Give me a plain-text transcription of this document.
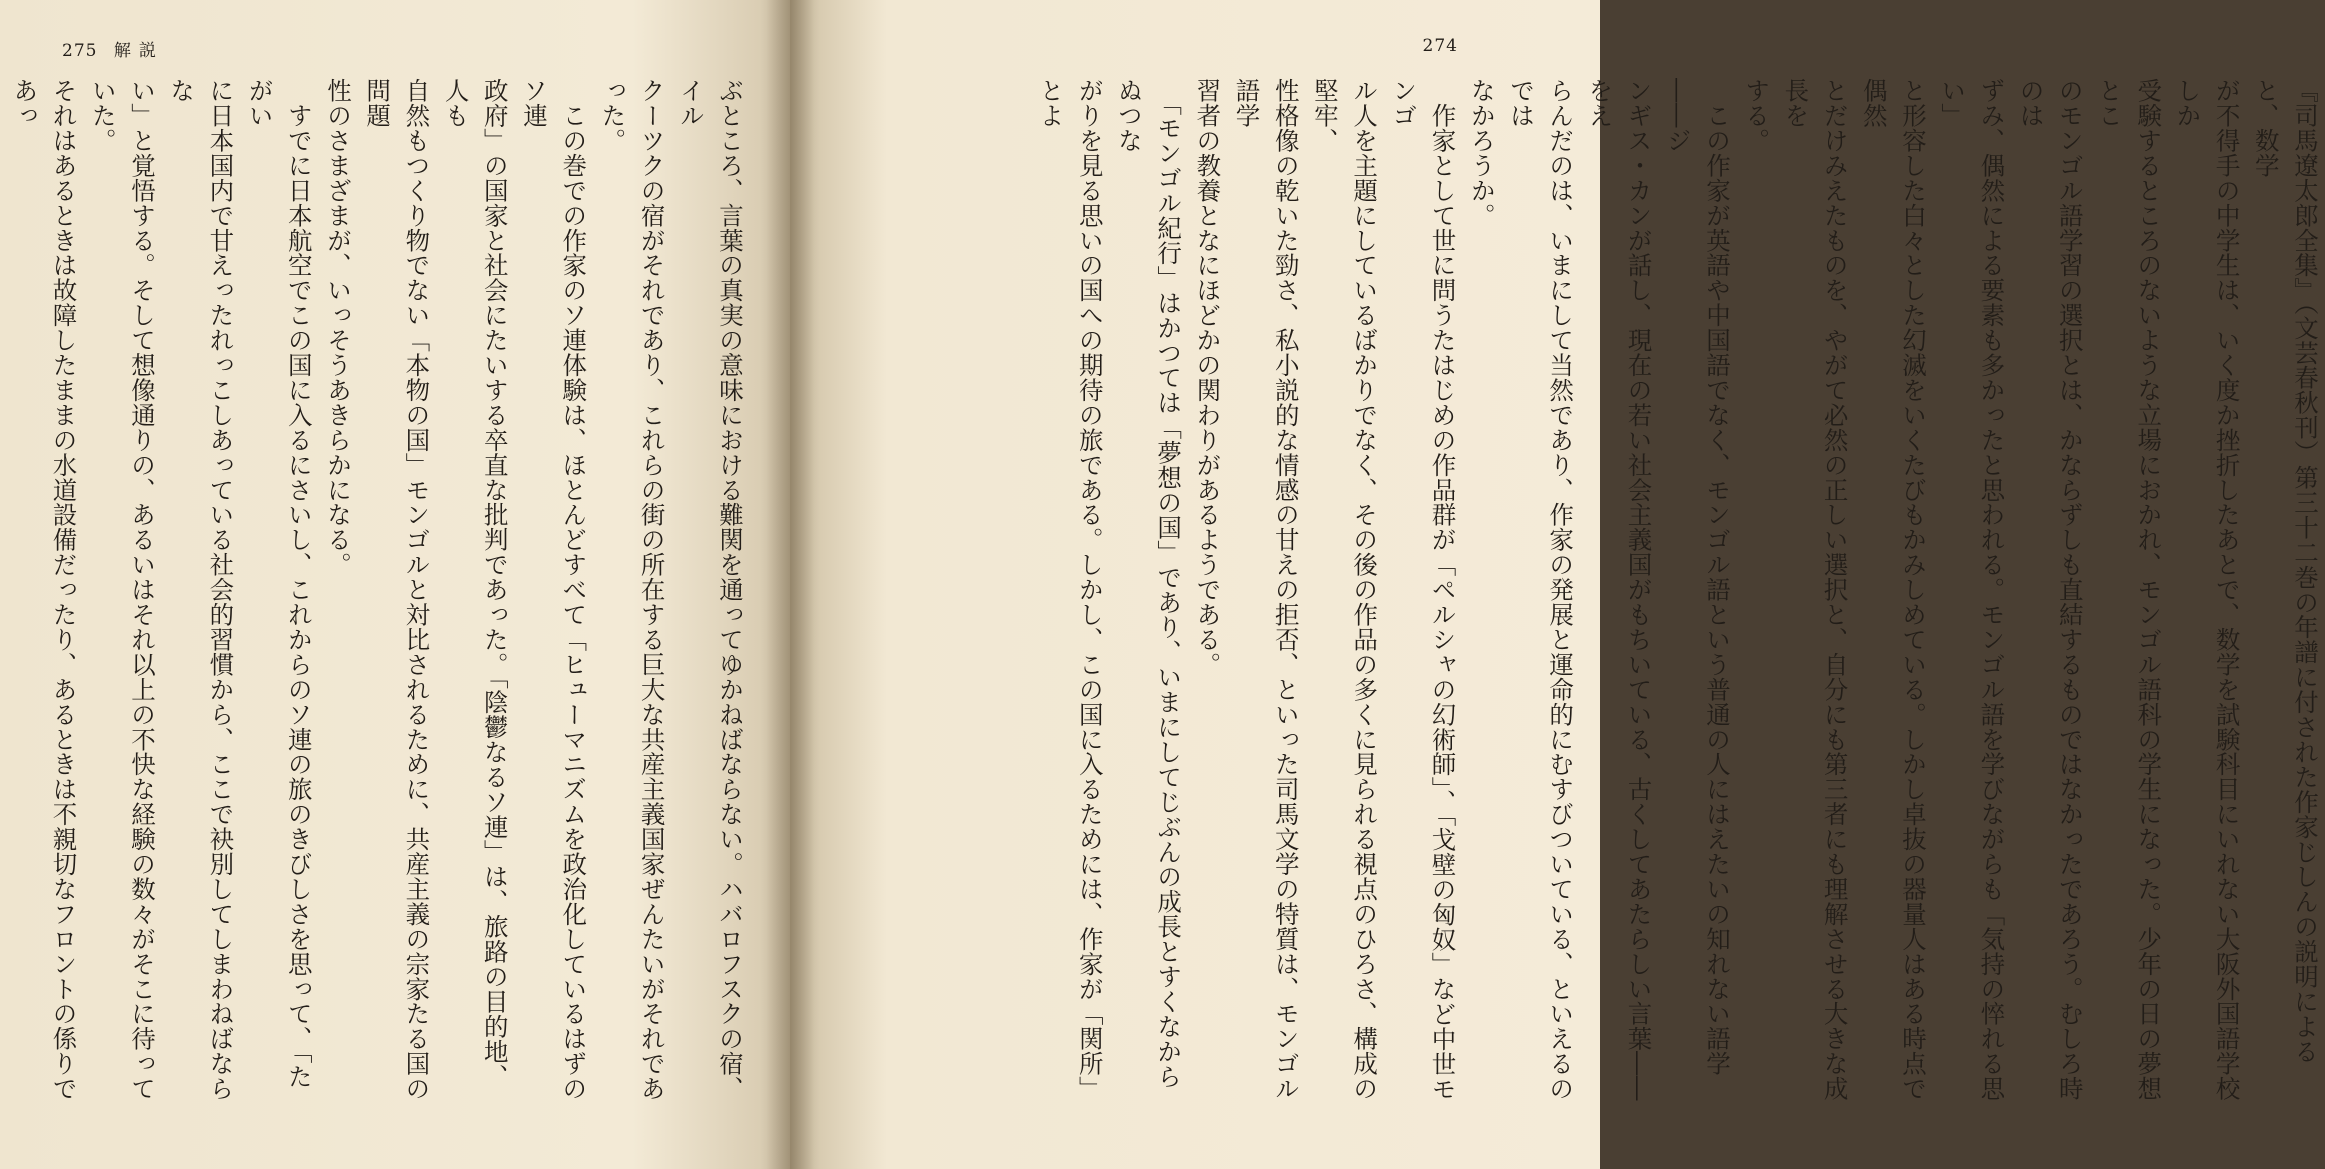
275 解説
ぶところ、言葉の真実の意味における難関を通ってゆかねばならない。ハバロフスクの宿、イル
クーツクの宿がそれであり、これらの街の所在する巨大な共産主義国家ぜんたいがそれであった。
　この巻での作家のソ連体験は、ほとんどすべて「ヒューマニズムを政治化しているはずのソ連
政府」の国家と社会にたいする卒直な批判であった。「陰鬱なるソ連」は、旅路の目的地、人も
自然もつくり物でない「本物の国」モンゴルと対比されるために、共産主義の宗家たる国の問題
性のさまざまが、いっそうあきらかになる。
　すでに日本航空でこの国に入るにさいし、これからのソ連の旅のきびしさを思って、「たがい
に日本国内で甘えったれっこしあっている社会的習慣から、ここで袂別してしまわねばならな
い」と覚悟する。そして想像通りの、あるいはそれ以上の不快な経験の数々がそこに待っていた。
それはあるときは故障したままの水道設備だったり、あるときは不親切なフロントの係りであっ

274
『司馬遼太郎全集』（文芸春秋刊）第三十二巻の年譜に付された作家じしんの説明によると、数学
が不得手の中学生は、いく度か挫折したあとで、数学を試験科目にいれない大阪外国語学校しか
受験するところのないような立場におかれ、モンゴル語科の学生になった。少年の日の夢想とこ
のモンゴル語学習の選択とは、かならずしも直結するものではなかったであろう。むしろ時のは
ずみ、偶然による要素も多かったと思われる。モンゴル語を学びながらも「気持の悴れる思い」
と形容した白々とした幻滅をいくたびもかみしめている。しかし卓抜の器量人はある時点で偶然
とだけみえたものを、やがて必然の正しい選択と、自分にも第三者にも理解させる大きな成長を
する。
　この作家が英語や中国語でなく、モンゴル語という普通の人にはえたいの知れない語学――ジ
ンギス・カンが話し、現在の若い社会主義国がもちいている、古くしてあたらしい言葉――をえ
らんだのは、いまにして当然であり、作家の発展と運命的にむすびついている、といえるのでは
なかろうか。
　作家として世に問うたはじめの作品群が「ペルシャの幻術師」、「戈壁の匈奴」など中世モンゴ
ル人を主題にしているばかりでなく、その後の作品の多くに見られる視点のひろさ、構成の堅牢、
性格像の乾いた勁さ、私小説的な情感の甘えの拒否、といった司馬文学の特質は、モンゴル語学
習者の教養となにほどかの関わりがあるようである。
　「モンゴル紀行」はかつては「夢想の国」であり、いまにしてじぶんの成長とすくなからぬつな
がりを見る思いの国への期待の旅である。しかし、この国に入るためには、作家が「関所」とよ
